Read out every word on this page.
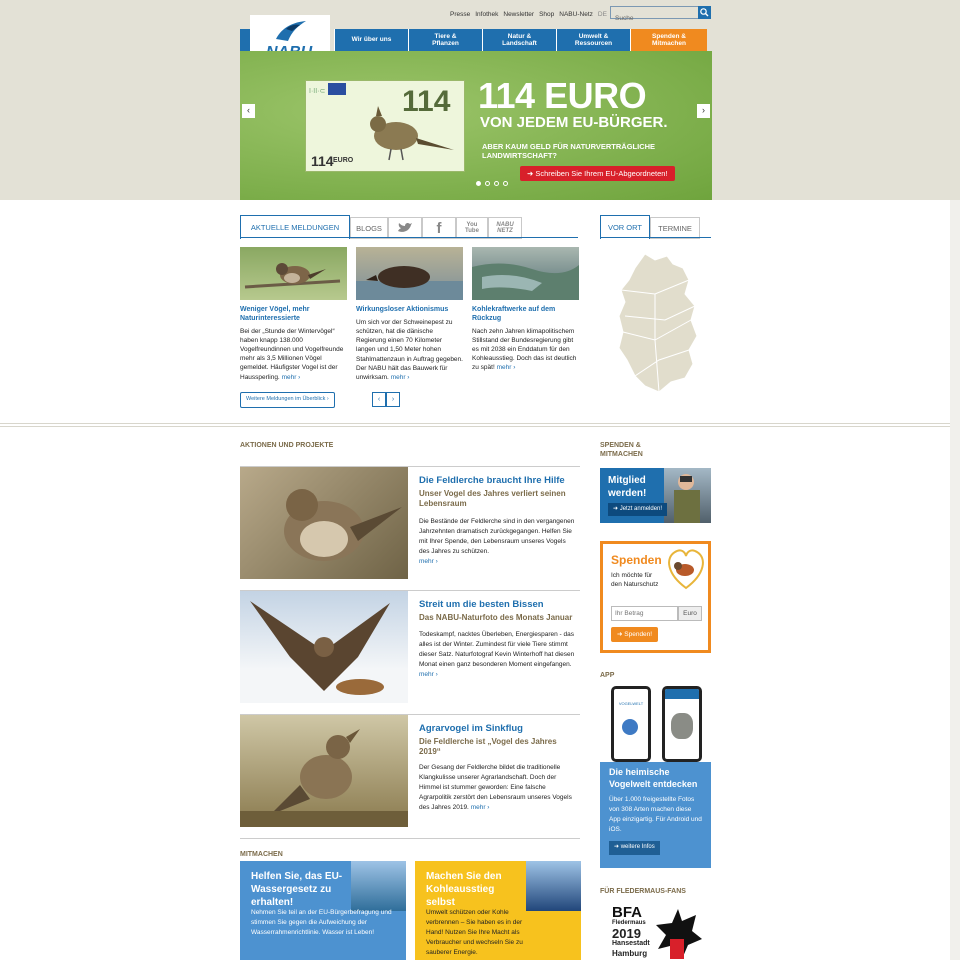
Presse Infothek Newsletter Shop NABU-Netz DE
Suche
Wir über uns
Tiere &
Pflanzen
Natur &
Landschaft
Umwelt &
Ressourcen
Spenden &
Mitmachen
I·II·⊂	114
114 EURO
114 EURO
VON JEDEM EU-BÜRGER.
ABER KAUM GELD FÜR NATURVERTRÄGLICHE
LANDWIRTSCHAFT?
➜ Schreiben Sie Ihrem EU-Abgeordneten!
‹	›
AKTUELLE MELDUNGEN	BLOGS	f	You Tube
NABU NETZ
Weniger Vögel, mehr Naturinteressierte
Bei der „Stunde der Wintervögel“ haben knapp 138.000 Vogelfreundinnen und Vogelfreunde mehr als 3,5 Millionen Vögel gemeldet. Häufigster Vogel ist der Haussperling. mehr ›
Wirkungsloser Aktionismus
Um sich vor der Schweinepest zu schützen, hat die dänische Regierung einen 70 Kilometer langen und 1,50 Meter hohen Stahlmattenzaun in Auftrag gegeben. Der NABU hält das Bauwerk für unwirksam. mehr ›
Kohlekraftwerke auf dem Rückzug
Nach zehn Jahren klimapolitischem Stillstand der Bundesregierung gibt es mit 2038 ein Enddatum für den Kohleausstieg. Doch das ist deutlich zu spät! mehr ›
Weitere Meldungen im Überblick ›	‹	›
VOR ORT	TERMINE
AKTIONEN UND PROJEKTE
Die Feldlerche braucht Ihre Hilfe
Unser Vogel des Jahres verliert seinen Lebensraum
Die Bestände der Feldlerche sind in den vergangenen Jahrzehnten dramatisch zurückgegangen. Helfen Sie mit Ihrer Spende, den Lebensraum unseres Vogels des Jahres zu schützen.
mehr ›
Streit um die besten Bissen
Das NABU-Naturfoto des Monats Januar
Todeskampf, nacktes Überleben, Energiesparen - das alles ist der Winter. Zumindest für viele Tiere stimmt dieser Satz. Naturfotograf Kevin Winterhoff hat diesen Monat einen ganz besonderen Moment eingefangen. mehr ›
Agrarvogel im Sinkflug
Die Feldlerche ist „Vogel des Jahres 2019“
Der Gesang der Feldlerche bildet die traditionelle Klangkulisse unserer Agrarlandschaft. Doch der Himmel ist stummer geworden: Eine falsche Agrarpolitik zerstört den Lebensraum unseres Vogels des Jahres 2019. mehr ›
MITMACHEN
Helfen Sie, das EU-Wassergesetz zu erhalten!
Nehmen Sie teil an der EU-Bürgerbefragung und stimmen Sie gegen die Aufweichung der Wasserrahmenrichtlinie. Wasser ist Leben!
Machen Sie den Kohleausstieg selbst
Umwelt schützen oder Kohle verbrennen – Sie haben es in der Hand! Nutzen Sie Ihre Macht als Verbraucher und wechseln Sie zu sauberer Energie.
SPENDEN & MITMACHEN
Mitglied werden!
➜ Jetzt anmelden!
Spenden
Ich möchte für den Naturschutz
Ihr Betrag
Euro
➜ Spenden!
APP
VOGELWELT
Die heimische Vogelwelt entdecken
Über 1.000 freigestellte Fotos von 308 Arten machen diese App einzigartig. Für Android und iOS.
➜ weitere Infos
FÜR FLEDERMAUS-FANS
BFA
Fledermaus
2019
Hansestadt
Hamburg
